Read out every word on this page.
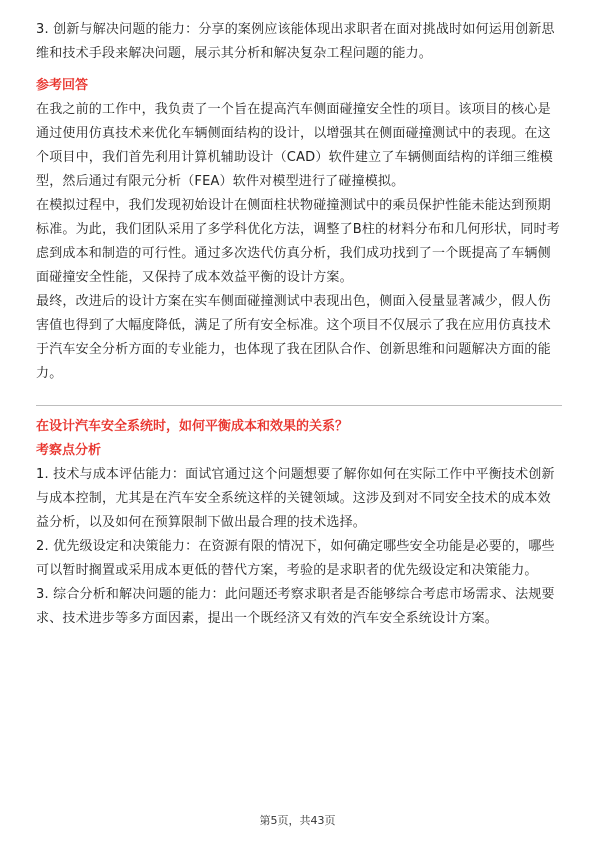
3. 创新与解决问题的能力：分享的案例应该能体现出求职者在面对挑战时如何运用创新思维和技术手段来解决问题，展示其分析和解决复杂工程问题的能力。

参考回答

在我之前的工作中，我负责了一个旨在提高汽车侧面碰撞安全性的项目。该项目的核心是通过使用仿真技术来优化车辆侧面结构的设计，以增强其在侧面碰撞测试中的表现。在这个项目中，我们首先利用计算机辅助设计（CAD）软件建立了车辆侧面结构的详细三维模型，然后通过有限元分析（FEA）软件对模型进行了碰撞模拟。

在模拟过程中，我们发现初始设计在侧面柱状物碰撞测试中的乘员保护性能未能达到预期标准。为此，我们团队采用了多学科优化方法，调整了B柱的材料分布和几何形状，同时考虑到成本和制造的可行性。通过多次迭代仿真分析，我们成功找到了一个既提高了车辆侧面碰撞安全性能，又保持了成本效益平衡的设计方案。

最终，改进后的设计方案在实车侧面碰撞测试中表现出色，侧面入侵量显著减少，假人伤害值也得到了大幅度降低，满足了所有安全标准。这个项目不仅展示了我在应用仿真技术于汽车安全分析方面的专业能力，也体现了我在团队合作、创新思维和问题解决方面的能力。

在设计汽车安全系统时，如何平衡成本和效果的关系？
考察点分析

1. 技术与成本评估能力：面试官通过这个问题想要了解你如何在实际工作中平衡技术创新与成本控制，尤其是在汽车安全系统这样的关键领域。这涉及到对不同安全技术的成本效益分析，以及如何在预算限制下做出最合理的技术选择。

2. 优先级设定和决策能力：在资源有限的情况下，如何确定哪些安全功能是必要的，哪些可以暂时搁置或采用成本更低的替代方案，考验的是求职者的优先级设定和决策能力。

3. 综合分析和解决问题的能力：此问题还考察求职者是否能够综合考虑市场需求、法规要求、技术进步等多方面因素，提出一个既经济又有效的汽车安全系统设计方案。

第5页，共43页
